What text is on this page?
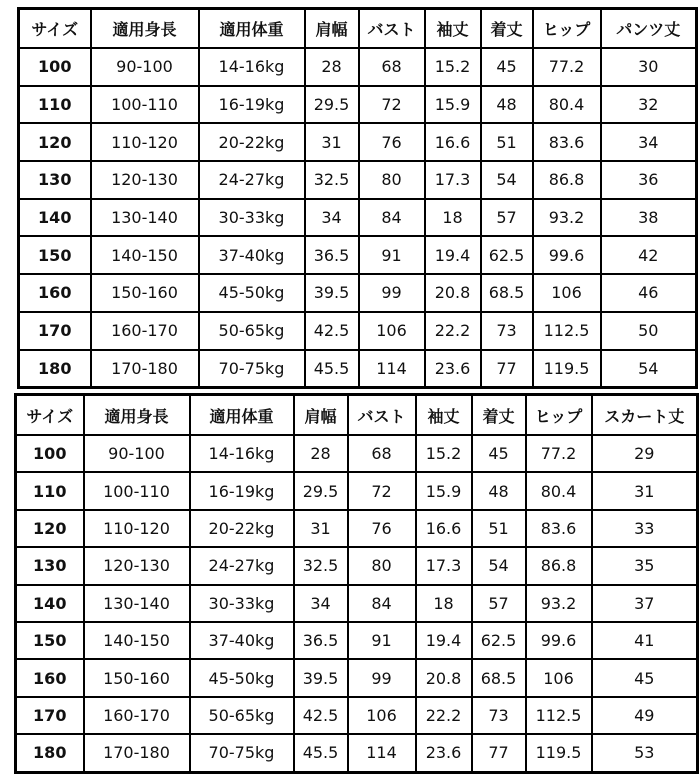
サイズ	適用身長	適用体重	肩幅	バスト	袖丈	着丈	ヒップ	パンツ丈
100	90-100	14-16kg	28	68	15.2	45	77.2	30
110	100-110	16-19kg	29.5	72	15.9	48	80.4	32
120	110-120	20-22kg	31	76	16.6	51	83.6	34
130	120-130	24-27kg	32.5	80	17.3	54	86.8	36
140	130-140	30-33kg	34	84	18	57	93.2	38
150	140-150	37-40kg	36.5	91	19.4	62.5	99.6	42
160	150-160	45-50kg	39.5	99	20.8	68.5	106	46
170	160-170	50-65kg	42.5	106	22.2	73	112.5	50
180	170-180	70-75kg	45.5	114	23.6	77	119.5	54
サイズ	適用身長	適用体重	肩幅	バスト	袖丈	着丈	ヒップ	スカート丈
100	90-100	14-16kg	28	68	15.2	45	77.2	29
110	100-110	16-19kg	29.5	72	15.9	48	80.4	31
120	110-120	20-22kg	31	76	16.6	51	83.6	33
130	120-130	24-27kg	32.5	80	17.3	54	86.8	35
140	130-140	30-33kg	34	84	18	57	93.2	37
150	140-150	37-40kg	36.5	91	19.4	62.5	99.6	41
160	150-160	45-50kg	39.5	99	20.8	68.5	106	45
170	160-170	50-65kg	42.5	106	22.2	73	112.5	49
180	170-180	70-75kg	45.5	114	23.6	77	119.5	53
